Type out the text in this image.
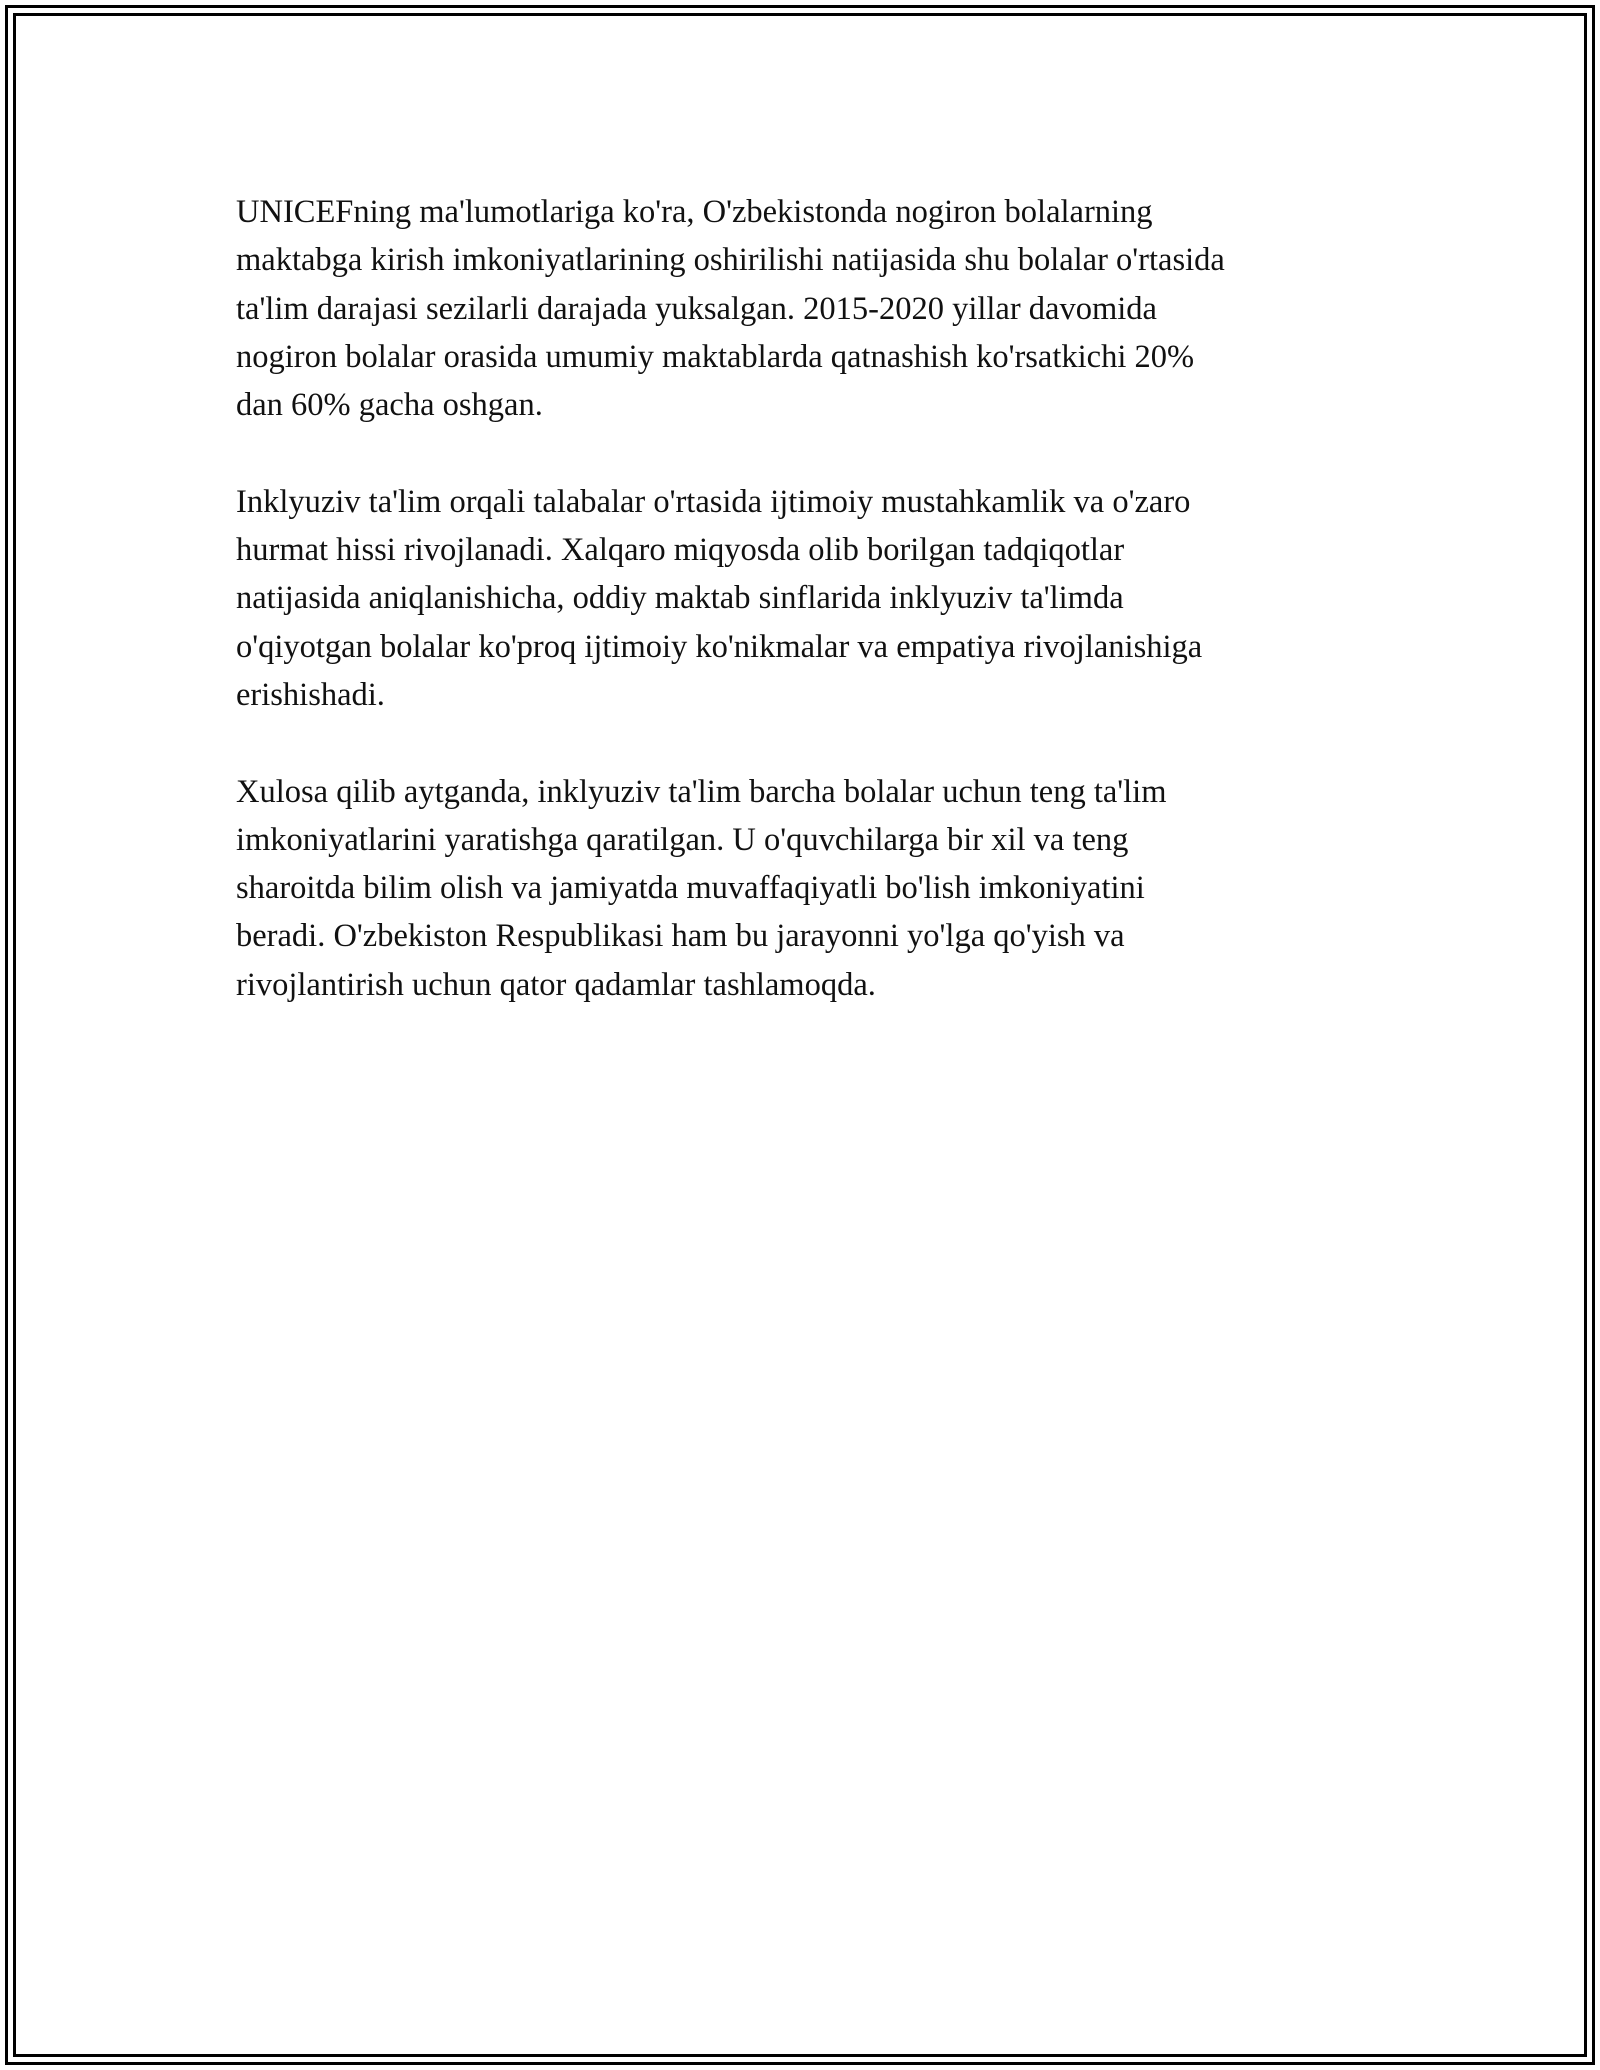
UNICEFning ma'lumotlariga ko'ra, O'zbekistonda nogiron bolalarning
maktabga kirish imkoniyatlarining oshirilishi natijasida shu bolalar o'rtasida
ta'lim darajasi sezilarli darajada yuksalgan. 2015-2020 yillar davomida
nogiron bolalar orasida umumiy maktablarda qatnashish ko'rsatkichi 20%
dan 60% gacha oshgan.

Inklyuziv ta'lim orqali talabalar o'rtasida ijtimoiy mustahkamlik va o'zaro
hurmat hissi rivojlanadi. Xalqaro miqyosda olib borilgan tadqiqotlar
natijasida aniqlanishicha, oddiy maktab sinflarida inklyuziv ta'limda
o'qiyotgan bolalar ko'proq ijtimoiy ko'nikmalar va empatiya rivojlanishiga
erishishadi.

Xulosa qilib aytganda, inklyuziv ta'lim barcha bolalar uchun teng ta'lim
imkoniyatlarini yaratishga qaratilgan. U o'quvchilarga bir xil va teng
sharoitda bilim olish va jamiyatda muvaffaqiyatli bo'lish imkoniyatini
beradi. O'zbekiston Respublikasi ham bu jarayonni yo'lga qo'yish va
rivojlantirish uchun qator qadamlar tashlamoqda.
